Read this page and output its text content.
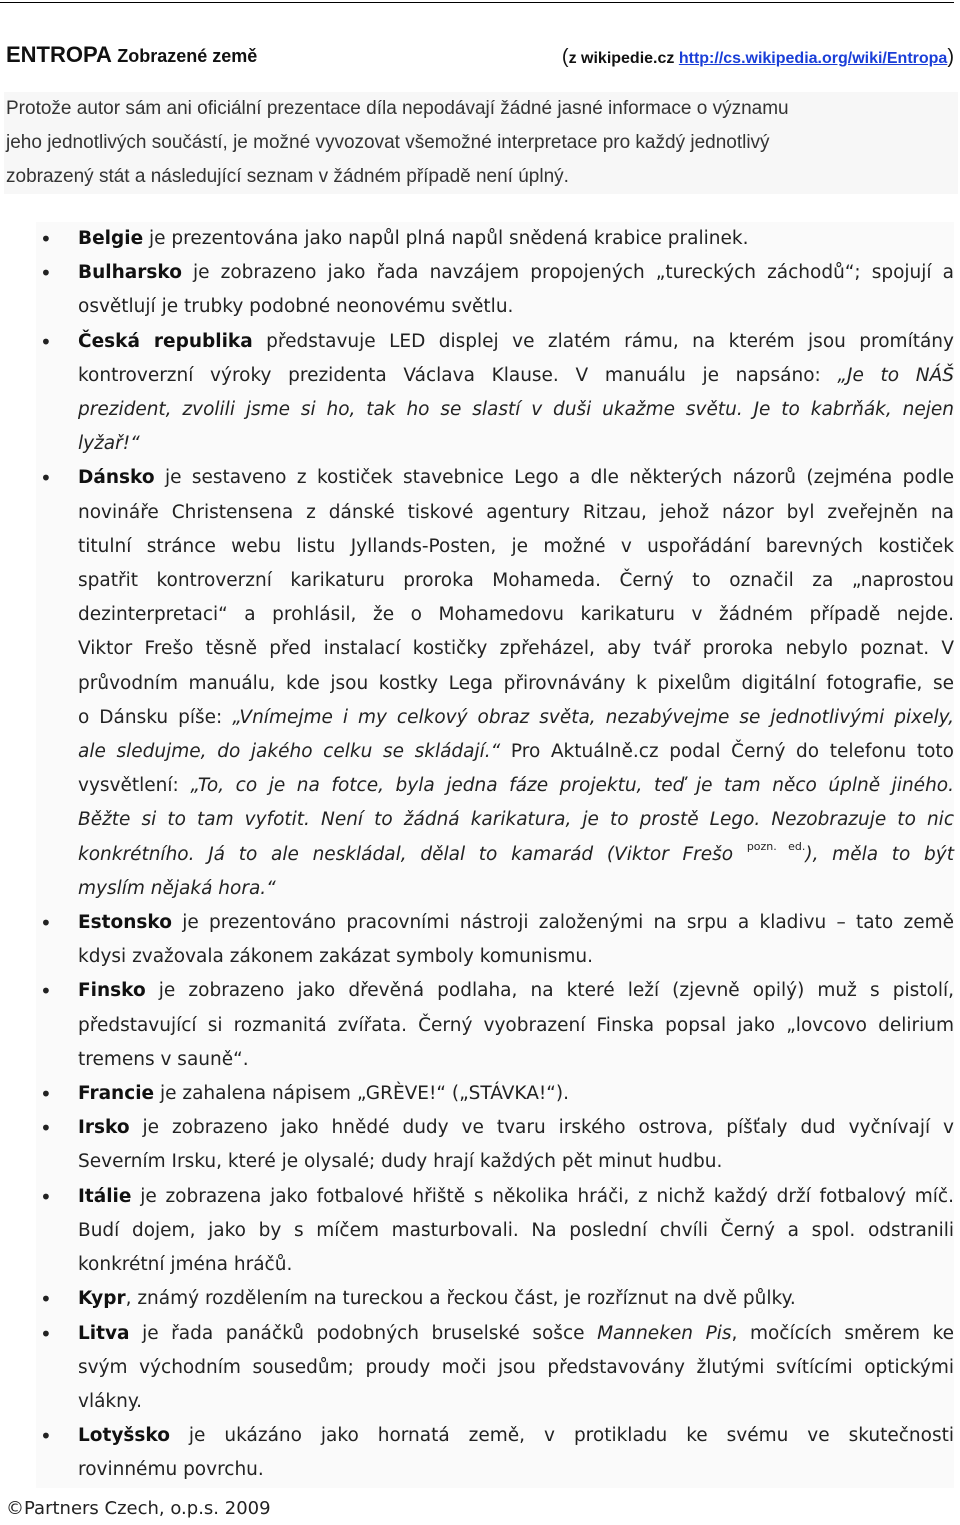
ENTROPA Zobrazené země	(z wikipedie.cz http://cs.wikipedia.org/wiki/Entropa)

Protože autor sám ani oficiální prezentace díla nepodávají žádné jasné informace o významu
jeho jednotlivých součástí, je možné vyvozovat všemožné interpretace pro každý jednotlivý
zobrazený stát a následující seznam v žádném případě není úplný.

• Belgie je prezentována jako napůl plná napůl snědená krabice pralinek.
• Bulharsko je zobrazeno jako řada navzájem propojených „tureckých záchodů“; spojují a
osvětlují je trubky podobné neonovému světlu.
• Česká republika představuje LED displej ve zlatém rámu, na kterém jsou promítány
kontroverzní výroky prezidenta Václava Klause. V manuálu je napsáno: „Je to NÁŠ
prezident, zvolili jsme si ho, tak ho se slastí v duši ukažme světu. Je to kabrňák, nejen
lyžař!“
• Dánsko je sestaveno z kostiček stavebnice Lego a dle některých názorů (zejména podle
novináře Christensena z dánské tiskové agentury Ritzau, jehož názor byl zveřejněn na
titulní stránce webu listu Jyllands-Posten, je možné v uspořádání barevných kostiček
spatřit kontroverzní karikaturu proroka Mohameda. Černý to označil za „naprostou
dezinterpretaci“ a prohlásil, že o Mohamedovu karikaturu v žádném případě nejde.
Viktor Frešo těsně před instalací kostičky zpřeházel, aby tvář proroka nebylo poznat. V
průvodním manuálu, kde jsou kostky Lega přirovnávány k pixelům digitální fotografie, se
o Dánsku píše: „Vnímejme i my celkový obraz světa, nezabývejme se jednotlivými pixely,
ale sledujme, do jakého celku se skládají.“ Pro Aktuálně.cz podal Černý do telefonu toto
vysvětlení: „To, co je na fotce, byla jedna fáze projektu, teď je tam něco úplně jiného.
Běžte si to tam vyfotit. Není to žádná karikatura, je to prostě Lego. Nezobrazuje to nic
konkrétního. Já to ale neskládal, dělal to kamarád (Viktor Frešo $^{pozn. ed.}$), měla to být
myslím nějaká hora.“
• Estonsko je prezentováno pracovními nástroji založenými na srpu a kladivu – tato země
kdysi zvažovala zákonem zakázat symboly komunismu.
• Finsko je zobrazeno jako dřevěná podlaha, na které leží (zjevně opilý) muž s pistolí,
představující si rozmanitá zvířata. Černý vyobrazení Finska popsal jako „lovcovo delirium
tremens v sauně“.
• Francie je zahalena nápisem „GRÈVE!“ („STÁVKA!“).
• Irsko je zobrazeno jako hnědé dudy ve tvaru irského ostrova, píšťaly dud vyčnívají v
Severním Irsku, které je olysalé; dudy hrají každých pět minut hudbu.
• Itálie je zobrazena jako fotbalové hřiště s několika hráči, z nichž každý drží fotbalový míč.
Budí dojem, jako by s míčem masturbovali. Na poslední chvíli Černý a spol. odstranili
konkrétní jména hráčů.
• Kypr, známý rozdělením na tureckou a řeckou část, je rozříznut na dvě půlky.
• Litva je řada panáčků podobných bruselské sošce Manneken Pis, močících směrem ke
svým východním sousedům; proudy moči jsou představovány žlutými svítícími optickými
vlákny.
• Lotyšsko je ukázáno jako hornatá země, v protikladu ke svému ve skutečnosti
rovinnému povrchu.
©Partners Czech, o.p.s. 2009
